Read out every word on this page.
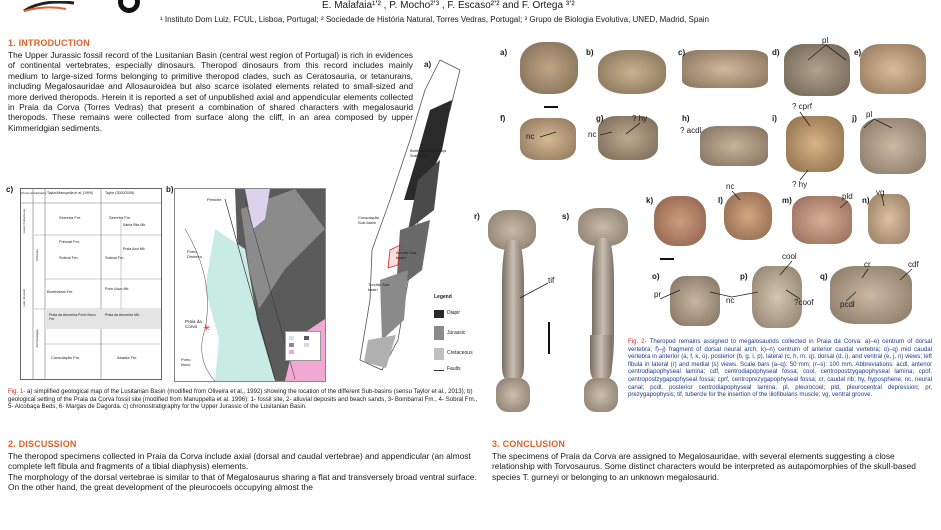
E. Malafaia¹ʼ² , P. Mocho²ʼ³ , F. Escaso²ʼ² and F. Ortega ³ʼ²
¹ Instituto Dom Luiz, FCUL, Lisboa, Portugal; ² Sociedade de História Natural, Torres Vedras, Portugal; ³ Grupo de Biologia Evolutiva, UNED, Madrid, Spain
1. INTRODUCTION
The Upper Jurassic fossil record of the Lusitanian Basin (central west region of Portugal) is rich in evidences of continental vertebrates, especially dinosaurs. Theropod dinosaurs from this record includes mainly medium to large-sized forms belonging to primitive theropod clades, such as Ceratosauria, or tetanurans, including Megalosauridae and Allosauroidea but also scarce isolated elements related to small-sized and more derived theropods. Herein it is reported a set of unpublished axial and appendicular elements collected in Praia da Corva (Torres Vedras) that present a combination of shared characters with megalosaurid theropods. These remains were collected from surface along the cliff, in an area composed by upper Kimmeridgian sediments.
c)	b)
a)
Taylor/Manupella et al. (1999)	Taylor (2000/2008)
Chronostratigraphy
Serreira Fm.	Serreira Fm.
Sobral Fm.	Sobral Fm.
Freixial Fm.
Santa Rita Mb.
Praia Azul Mb.
Porto Novo Mb.
Praia da Amoreira-Porto Novo Fm.
Consolação Fm.
Bombarral Fm.
Praia da Amoreira Mb.
Abadia Fm.
Lower Cretaceous
Tithonian
Late Jurassic
Kimmeridgian
Peniche
Porto Dinheiro
Praia da Corva ✳
Porto Novo
Bombarral-Alcobaça Sub-basin
Consolação Sub-basin
Arruda Sub-basin
Turcifal Sub-basin
Legend
Diapir
Jurassic
Cretaceous
Faults
Fig. 1- a) simplified geological map of the Lusitanian Basin (modified from Oliveira et al., 1992) showing the location of the different Sub-basins (sensu Taylor et al., 2013); b) geological setting of the Praia da Corva fossil site (modified from Manuppella et al. 1996): 1- fossil site, 2- alluvial deposits and beach sands, 3- Bombarral Fm., 4- Sobral Fm., 5- Alcobaça Beds, 6- Margas de Dagorda. c) chronostratigraphy for the Upper Jurassic of the Lusitanian Basin.
2. DISCUSSION
The theropod specimens collected in Praia da Corva include axial (dorsal and caudal vertebrae) and appendicular (an almost complete left fibula and fragments of a tibial diaphysis) elements.
The morphology of the dorsal vertebrae is similar to that of Megalosaurus sharing a flat and transversely broad ventral surface. On the other hand, the great development of the pleurocoels occupying almost the
a)	b)	c)	d)	e)
f)	g)	h)	i)	j)
k)	l)	m)	n)
o)	p)	q)
r)	s)
pl
nc	nc
? hy
? acdl
? cprf
? hy
pl
nc
pld	vg
cool
cr	cdf
pr
nc	?coof	pcdl
tif
Fig. 2- Theropod remains assigned to megalosaurids collected in Praia da Corva: a)–e) centrum of dorsal vertebra; f)–j) fragment of dorsal neural arch; k)–n) centrum of anterior caudal vertebra; o)–q) mid caudal vertebra in anterior (a, f, k, o), posterior (b, g, l, p), lateral (c, h, m, q), dorsal (d, i), and ventral (e, j, n) views; left fibula in lateral (r) and medial (s) views. Scale bars (a–q): 50 mm; (r–s): 100 mm. Abbreviations: acdl, anterior centrodiapophyseal lamina; cdf, centrodiapophyseal fossa; cool, centropostzygapophyseal lamina; cpof, centropostzygapophyseal fossa; cprf, centroprezygapophyseal fossa; cr, caudal rib; hy, hyposphene; nc, neural canal; pcdl, posterior centrodiapophyseal lamina; pl, pleurocoel; pld, pleurocentral depression; pr, prezygapophysis; tif, tubercle for the insertion of the iliofibularis muscle; vg, ventral groove.
3. CONCLUSION
The specimens of Praia da Corva are assigned to Megalosauridae, with several elements suggesting a close relationship with Torvosaurus. Some distinct characters would be interpreted as autapomorphies of the skull-based species T. gurneyi or belonging to an unknown megalosaurid.
